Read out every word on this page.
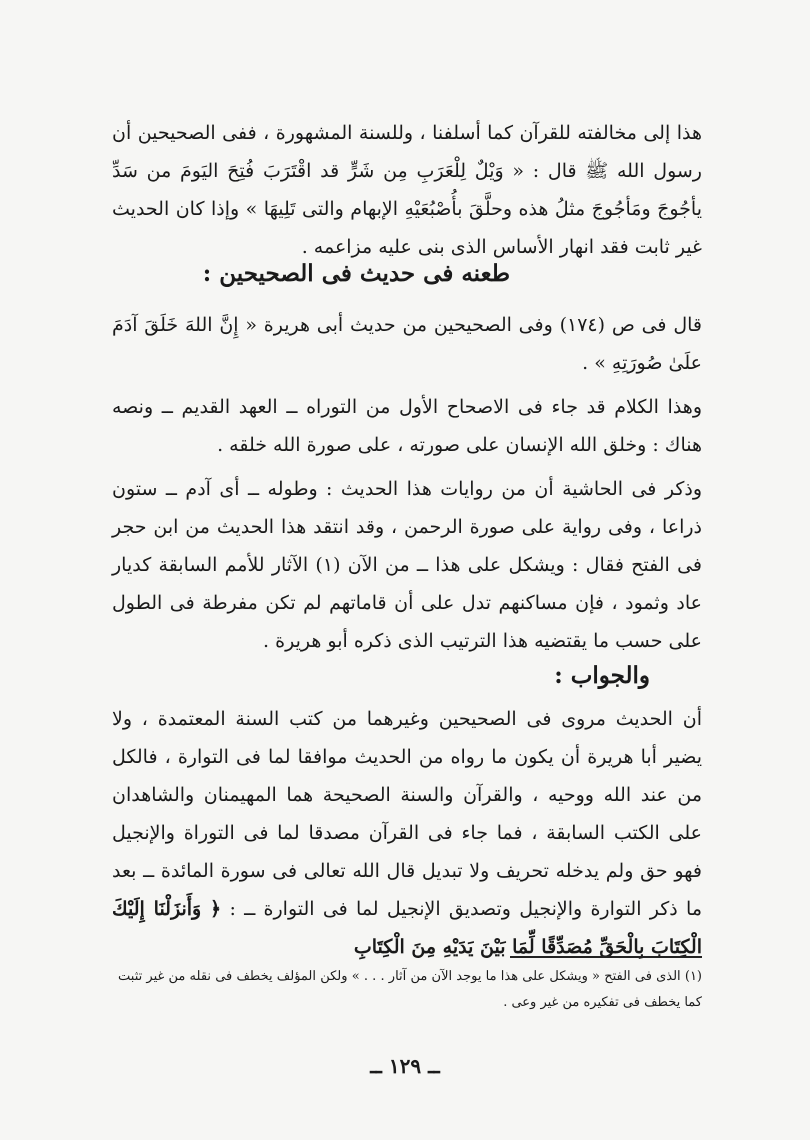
هذا إلى مخالفته للقرآن كما أسلفنا ، وللسنة المشهورة ، ففى الصحيحين أن رسول الله ﷺ قال : « وَيْلٌ لِلْعَرَبِ مِن شَرٍّ قد اقْتَرَبَ فُتِحَ اليَومَ من سَدِّ يأجُوجَ ومَأجُوجَ مثلُ هذه وحلَّقَ بأُصْبُعَيْهِ الإبهام والتى تَلِيهَا » وإذا كان الحديث غير ثابت فقد انهار الأساس الذى بنى عليه مزاعمه .
طعنه فى حديث فى الصحيحين :
قال فى ص (١٧٤) وفى الصحيحين من حديث أبى هريرة « إِنَّ اللهَ خَلَقَ آدَمَ علَىٰ صُورَتِهِ » .
وهذا الكلام قد جاء فى الاصحاح الأول من التوراه ــ العهد القديم ــ ونصه هناك : وخلق الله الإنسان على صورته ، على صورة الله خلقه .
وذكر فى الحاشية أن من روايات هذا الحديث : وطوله ــ أى آدم ــ ستون ذراعا ، وفى رواية على صورة الرحمن ، وقد انتقد هذا الحديث من ابن حجر فى الفتح فقال : ويشكل على هذا ــ من الآن (١) الآثار للأمم السابقة كديار عاد وثمود ، فإن مساكنهم تدل على أن قاماتهم لم تكن مفرطة فى الطول على حسب ما يقتضيه هذا الترتيب الذى ذكره أبو هريرة .
والجواب :
أن الحديث مروى فى الصحيحين وغيرهما من كتب السنة المعتمدة ، ولا يضير أبا هريرة أن يكون ما رواه من الحديث موافقا لما فى التوارة ، فالكل من عند الله ووحيه ، والقرآن والسنة الصحيحة هما المهيمنان والشاهدان على الكتب السابقة ، فما جاء فى القرآن مصدقا لما فى التوراة والإنجيل فهو حق ولم يدخله تحريف ولا تبديل قال الله تعالى فى سورة المائدة ــ بعد ما ذكر التوارة والإنجيل وتصديق الإنجيل لما فى التوارة ــ : ﴿ وَأَنزَلْنَا إِلَيْكَ الْكِتَابَ بِالْحَقِّ مُصَدِّقًا لِّمَا بَيْنَ يَدَيْهِ مِنَ الْكِتَابِ
(١) الذى فى الفتح « ويشكل على هذا ما يوجد الآن من آثار . . . » ولكن المؤلف يخطف فى نقله من غير تثبت كما يخطف فى تفكيره من غير وعى .
ــ ١٢٩ ــ
